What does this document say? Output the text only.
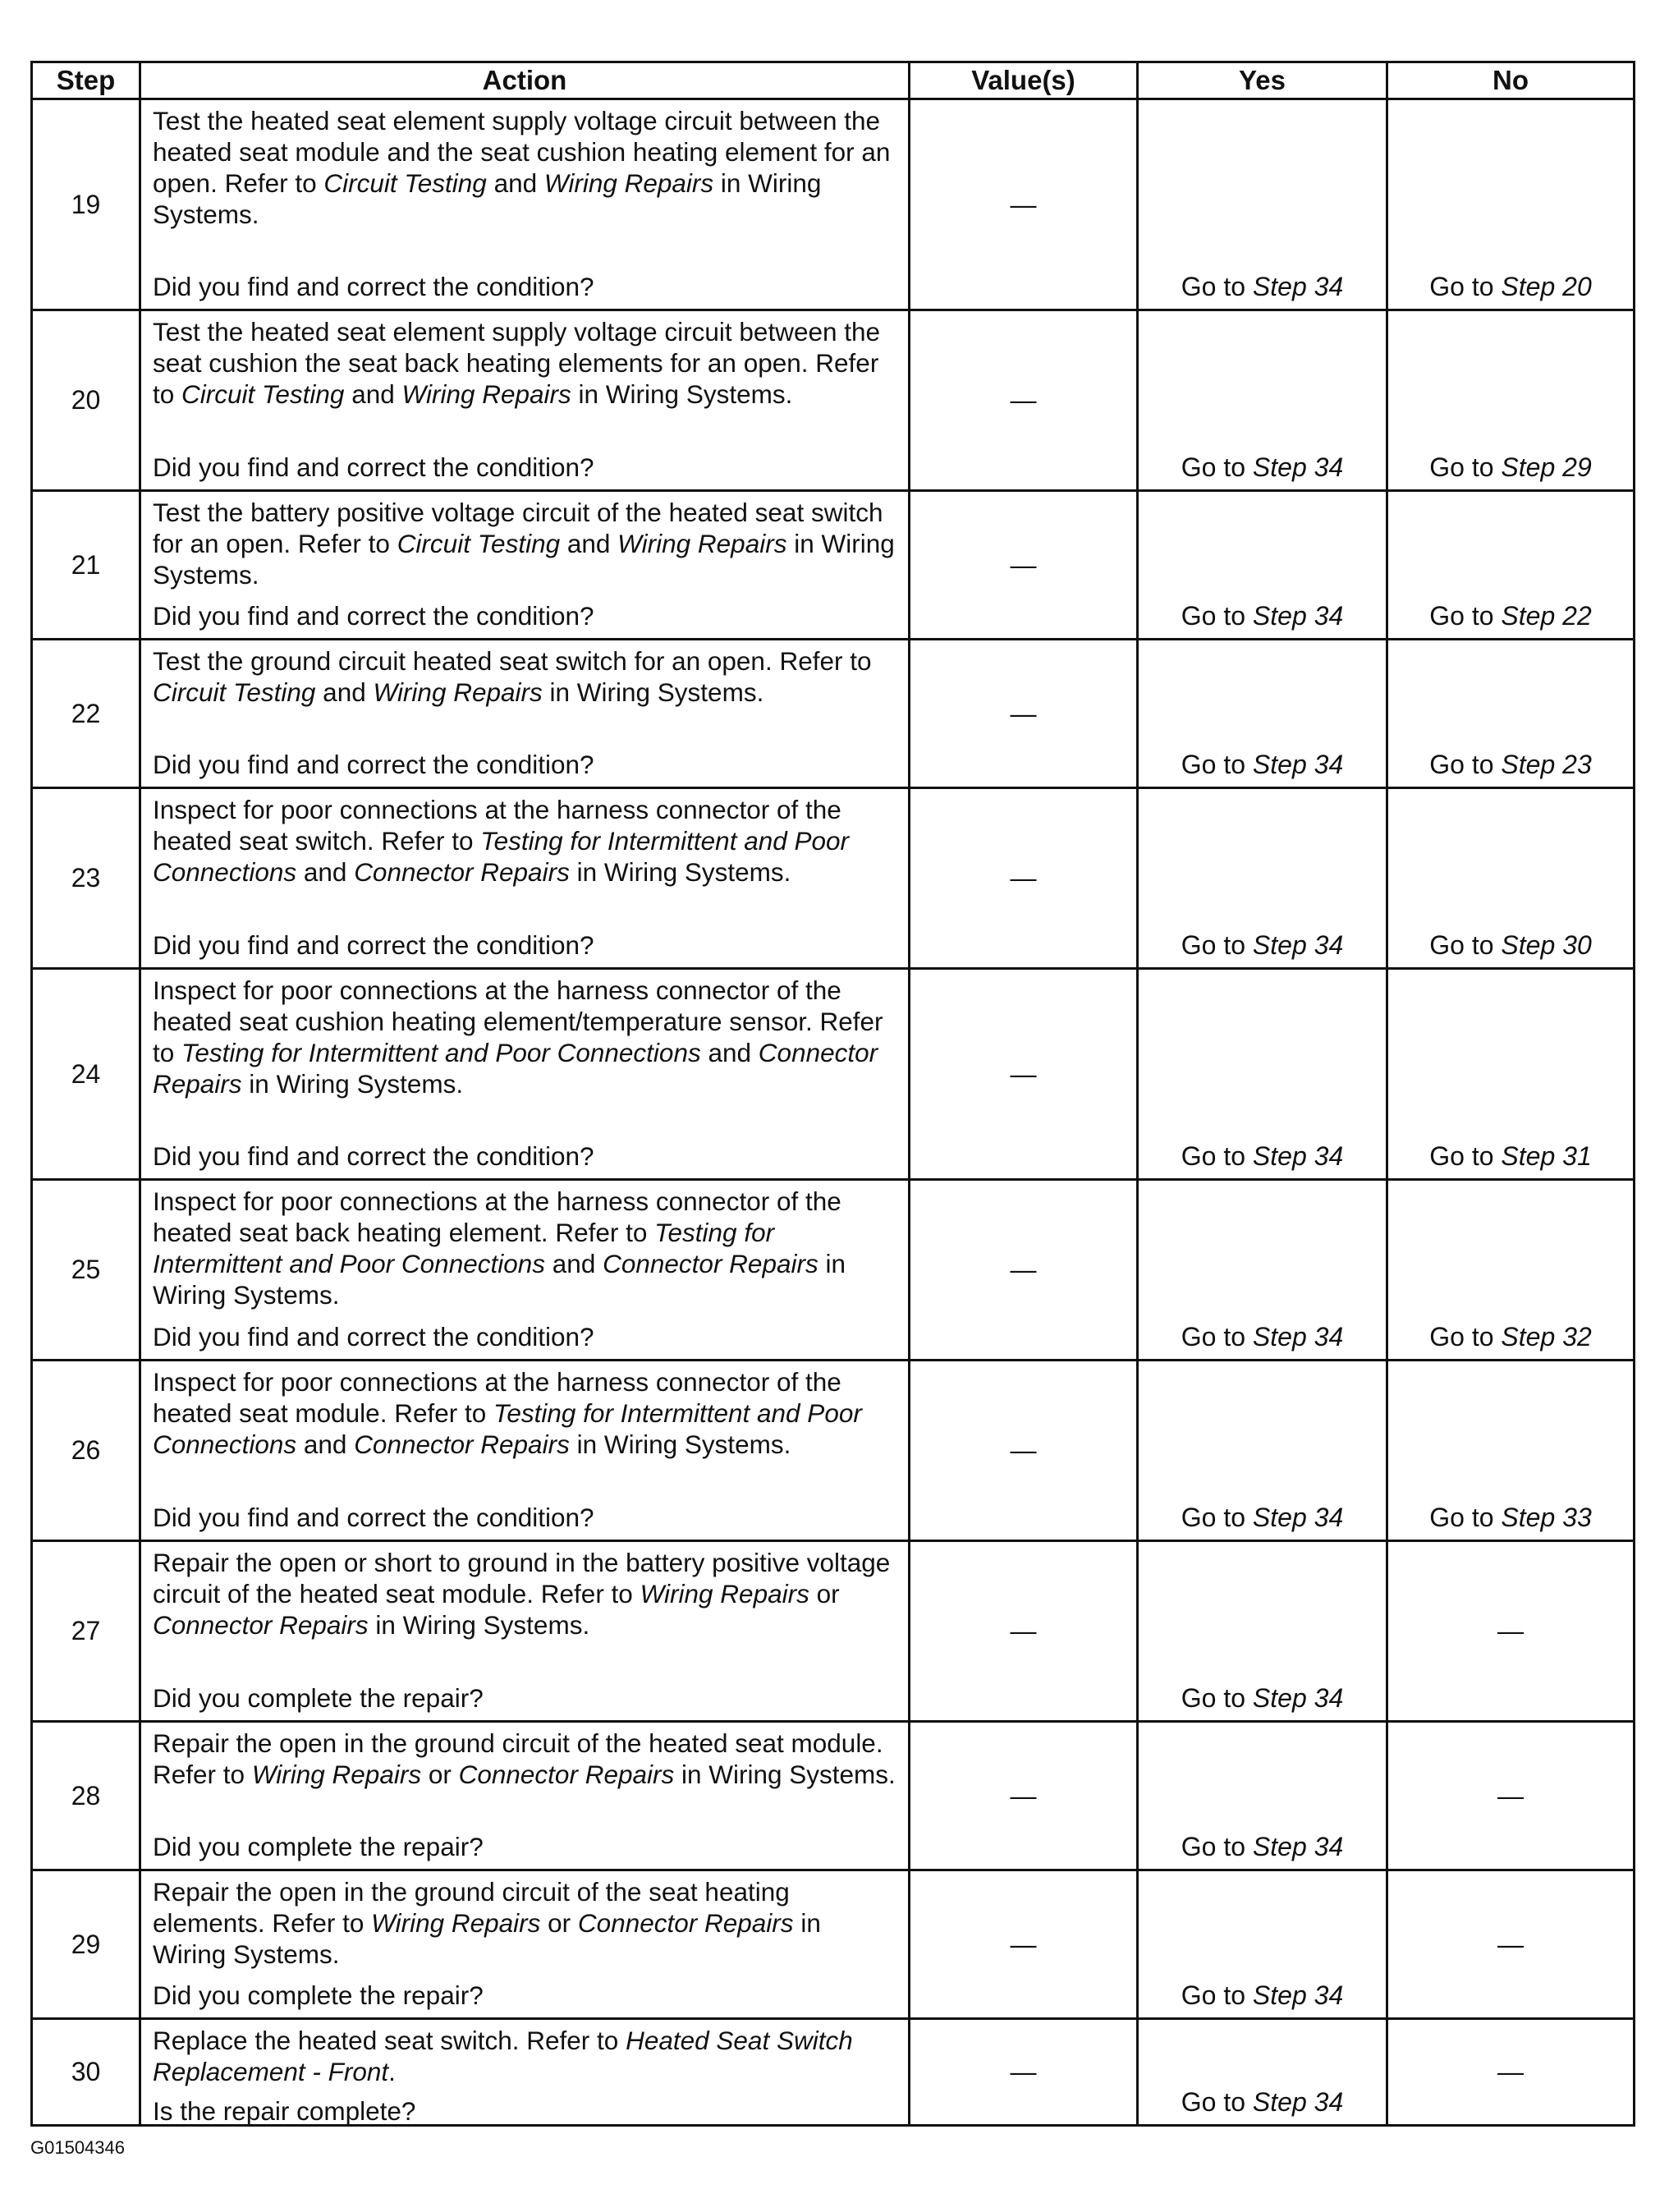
Step	Action	Value(s)	Yes	No
19	Test the heated seat element supply voltage circuit between the heated seat module and the seat cushion heating element for an open. Refer to Circuit Testing and Wiring Repairs in Wiring Systems.
Did you find and correct the condition?	—	Go to Step 34	Go to Step 20

20	Test the heated seat element supply voltage circuit between the seat cushion the seat back heating elements for an open. Refer to Circuit Testing and Wiring Repairs in Wiring Systems.
Did you find and correct the condition?	—	Go to Step 34	Go to Step 29

21	Test the battery positive voltage circuit of the heated seat switch for an open. Refer to Circuit Testing and Wiring Repairs in Wiring Systems.
Did you find and correct the condition?	—	Go to Step 34	Go to Step 22

22	Test the ground circuit heated seat switch for an open. Refer to Circuit Testing and Wiring Repairs in Wiring Systems.
Did you find and correct the condition?	—	Go to Step 34	Go to Step 23

23	Inspect for poor connections at the harness connector of the heated seat switch. Refer to Testing for Intermittent and Poor Connections and Connector Repairs in Wiring Systems.
Did you find and correct the condition?	—	Go to Step 34	Go to Step 30

24	Inspect for poor connections at the harness connector of the heated seat cushion heating element/temperature sensor. Refer to Testing for Intermittent and Poor Connections and Connector Repairs in Wiring Systems.
Did you find and correct the condition?	—	Go to Step 34	Go to Step 31

25	Inspect for poor connections at the harness connector of the heated seat back heating element. Refer to Testing for Intermittent and Poor Connections and Connector Repairs in Wiring Systems.
Did you find and correct the condition?	—	Go to Step 34	Go to Step 32

26	Inspect for poor connections at the harness connector of the heated seat module. Refer to Testing for Intermittent and Poor Connections and Connector Repairs in Wiring Systems.
Did you find and correct the condition?	—	Go to Step 34	Go to Step 33

27	Repair the open or short to ground in the battery positive voltage circuit of the heated seat module. Refer to Wiring Repairs or Connector Repairs in Wiring Systems.
Did you complete the repair?	—	Go to Step 34	—
28	Repair the open in the ground circuit of the heated seat module. Refer to Wiring Repairs or Connector Repairs in Wiring Systems.
Did you complete the repair?	—	Go to Step 34	—
29	Repair the open in the ground circuit of the seat heating elements. Refer to Wiring Repairs or Connector Repairs in Wiring Systems.
Did you complete the repair?	—	Go to Step 34	—
30	Replace the heated seat switch. Refer to Heated Seat Switch Replacement - Front.
Is the repair complete?	—	Go to Step 34	—
G01504346
